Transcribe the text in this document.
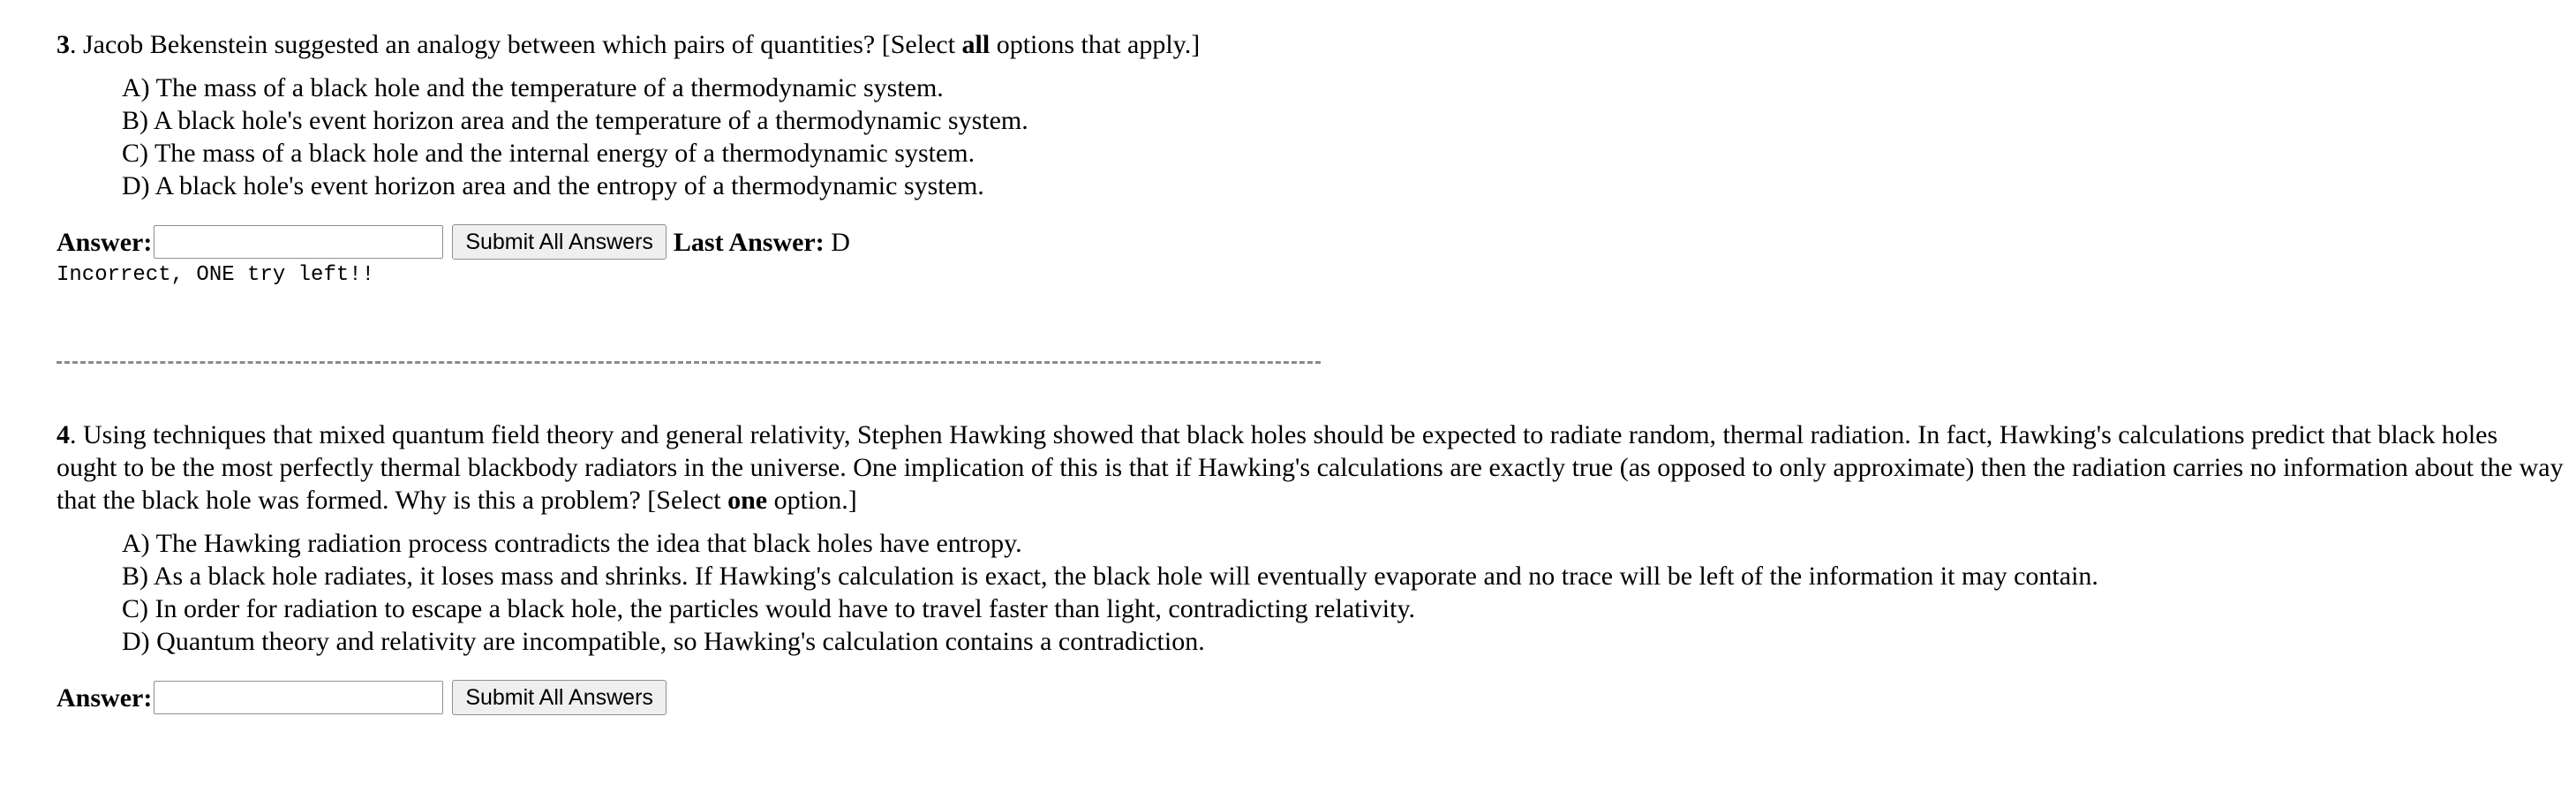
3. Jacob Bekenstein suggested an analogy between which pairs of quantities? [Select all options that apply.]

A) The mass of a black hole and the temperature of a thermodynamic system.
B) A black hole's event horizon area and the temperature of a thermodynamic system.
C) The mass of a black hole and the internal energy of a thermodynamic system.
D) A black hole's event horizon area and the entropy of a thermodynamic system.
Answer:	Submit All Answers Last Answer: D
Incorrect, ONE try left!!

4. Using techniques that mixed quantum field theory and general relativity, Stephen Hawking showed that black holes should be expected to radiate random, thermal radiation. In fact, Hawking's calculations predict that black holes ought to be the most perfectly thermal blackbody radiators in the universe. One implication of this is that if Hawking's calculations are exactly true (as opposed to only approximate) then the radiation carries no information about the way that the black hole was formed. Why is this a problem? [Select one option.]

A) The Hawking radiation process contradicts the idea that black holes have entropy.
B) As a black hole radiates, it loses mass and shrinks. If Hawking's calculation is exact, the black hole will eventually evaporate and no trace will be left of the information it may contain.
C) In order for radiation to escape a black hole, the particles would have to travel faster than light, contradicting relativity.
D) Quantum theory and relativity are incompatible, so Hawking's calculation contains a contradiction.
Answer:	Submit All Answers
